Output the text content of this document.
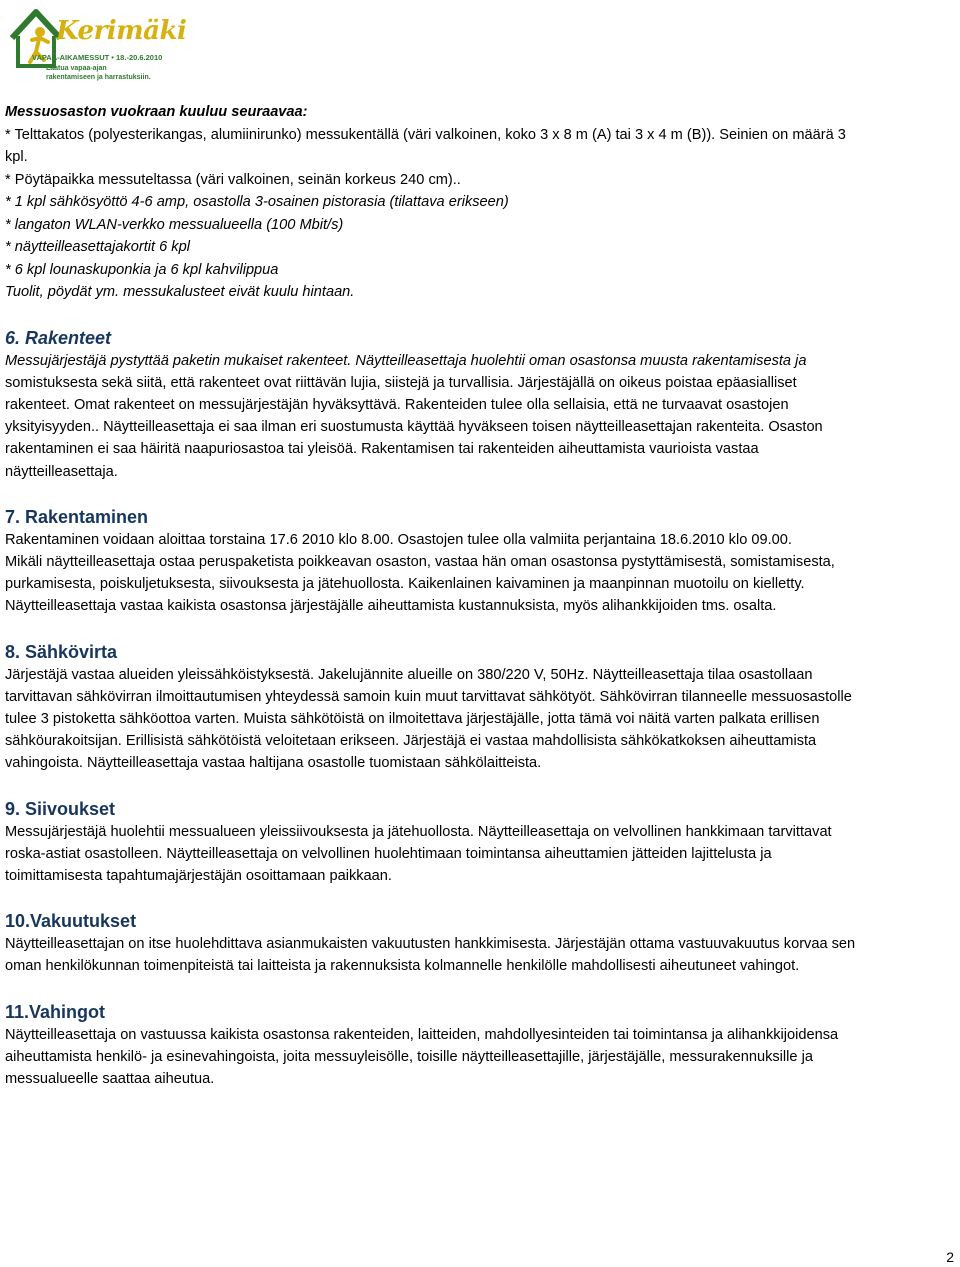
Kerimäki
VAPAA-AIKAMESSUT • 18.-20.6.2010
Laatua vapaa-ajan rakentamiseen ja harrastuksiin.

Messuosaston vuokraan kuuluu seuraavaa:

* Telttakatos (polyesterikangas, alumiinirunko) messukentällä (väri valkoinen, koko 3 x 8 m (A) tai 3 x 4 m (B)). Seinien on määrä 3

kpl.

* Pöytäpaikka messuteltassa (väri valkoinen, seinän korkeus 240 cm)..

* 1 kpl sähkösyöttö 4-6 amp, osastolla 3-osainen pistorasia (tilattava erikseen)

* langaton WLAN-verkko messualueella (100 Mbit/s)

* näytteilleasettajakortit 6 kpl

* 6 kpl lounaskuponkia ja 6 kpl kahvilippua

Tuolit, pöydät ym. messukalusteet eivät kuulu hintaan.

6. Rakenteet

Messujärjestäjä pystyttää paketin mukaiset rakenteet. Näytteilleasettaja huolehtii oman osastonsa muusta rakentamisesta ja

somistuksesta sekä siitä, että rakenteet ovat riittävän lujia, siistejä ja turvallisia. Järjestäjällä on oikeus poistaa epäasialliset

rakenteet. Omat rakenteet on messujärjestäjän hyväksyttävä. Rakenteiden tulee olla sellaisia, että ne turvaavat osastojen

yksityisyyden.. Näytteilleasettaja ei saa ilman eri suostumusta käyttää hyväkseen toisen näytteilleasettajan rakenteita. Osaston

rakentaminen ei saa häiritä naapuriosastoa tai yleisöä. Rakentamisen tai rakenteiden aiheuttamista vaurioista vastaa

näytteilleasettaja.

7. Rakentaminen

Rakentaminen voidaan aloittaa torstaina 17.6 2010 klo 8.00. Osastojen tulee olla valmiita perjantaina 18.6.2010 klo 09.00.

Mikäli näytteilleasettaja ostaa peruspaketista poikkeavan osaston, vastaa hän oman osastonsa pystyttämisestä, somistamisesta,

purkamisesta, poiskuljetuksesta, siivouksesta ja jätehuollosta. Kaikenlainen kaivaminen ja maanpinnan muotoilu on kielletty.

Näytteilleasettaja vastaa kaikista osastonsa järjestäjälle aiheuttamista kustannuksista, myös alihankkijoiden tms. osalta.

8. Sähkövirta

Järjestäjä vastaa alueiden yleissähköistyksestä. Jakelujännite alueille on 380/220 V, 50Hz. Näytteilleasettaja tilaa osastollaan

tarvittavan sähkövirran ilmoittautumisen yhteydessä samoin kuin muut tarvittavat sähkötyöt. Sähkövirran tilanneelle messuosastolle

tulee 3 pistoketta sähköottoa varten. Muista sähkötöistä on ilmoitettava järjestäjälle, jotta tämä voi näitä varten palkata erillisen

sähköurakoitsijan. Erillisistä sähkötöistä veloitetaan erikseen. Järjestäjä ei vastaa mahdollisista sähkökatkoksen aiheuttamista

vahingoista. Näytteilleasettaja vastaa haltijana osastolle tuomistaan sähkölaitteista.

9. Siivoukset

Messujärjestäjä huolehtii messualueen yleissiivouksesta ja jätehuollosta. Näytteilleasettaja on velvollinen hankkimaan tarvittavat

roska-astiat osastolleen. Näytteilleasettaja on velvollinen huolehtimaan toimintansa aiheuttamien jätteiden lajittelusta ja

toimittamisesta tapahtumajärjestäjän osoittamaan paikkaan.

10.Vakuutukset

Näytteilleasettajan on itse huolehdittava asianmukaisten vakuutusten hankkimisesta. Järjestäjän ottama vastuuvakuutus korvaa sen

oman henkilökunnan toimenpiteistä tai laitteista ja rakennuksista kolmannelle henkilölle mahdollisesti aiheutuneet vahingot.

11.Vahingot

Näytteilleasettaja on vastuussa kaikista osastonsa rakenteiden, laitteiden, mahdollyesinteiden tai toimintansa ja alihankkijoidensa

aiheuttamista henkilö- ja esinevahingoista, joita messuyleisölle, toisille näytteilleasettajille, järjestäjälle, messurakennuksille ja

messualueelle saattaa aiheutua.

2
